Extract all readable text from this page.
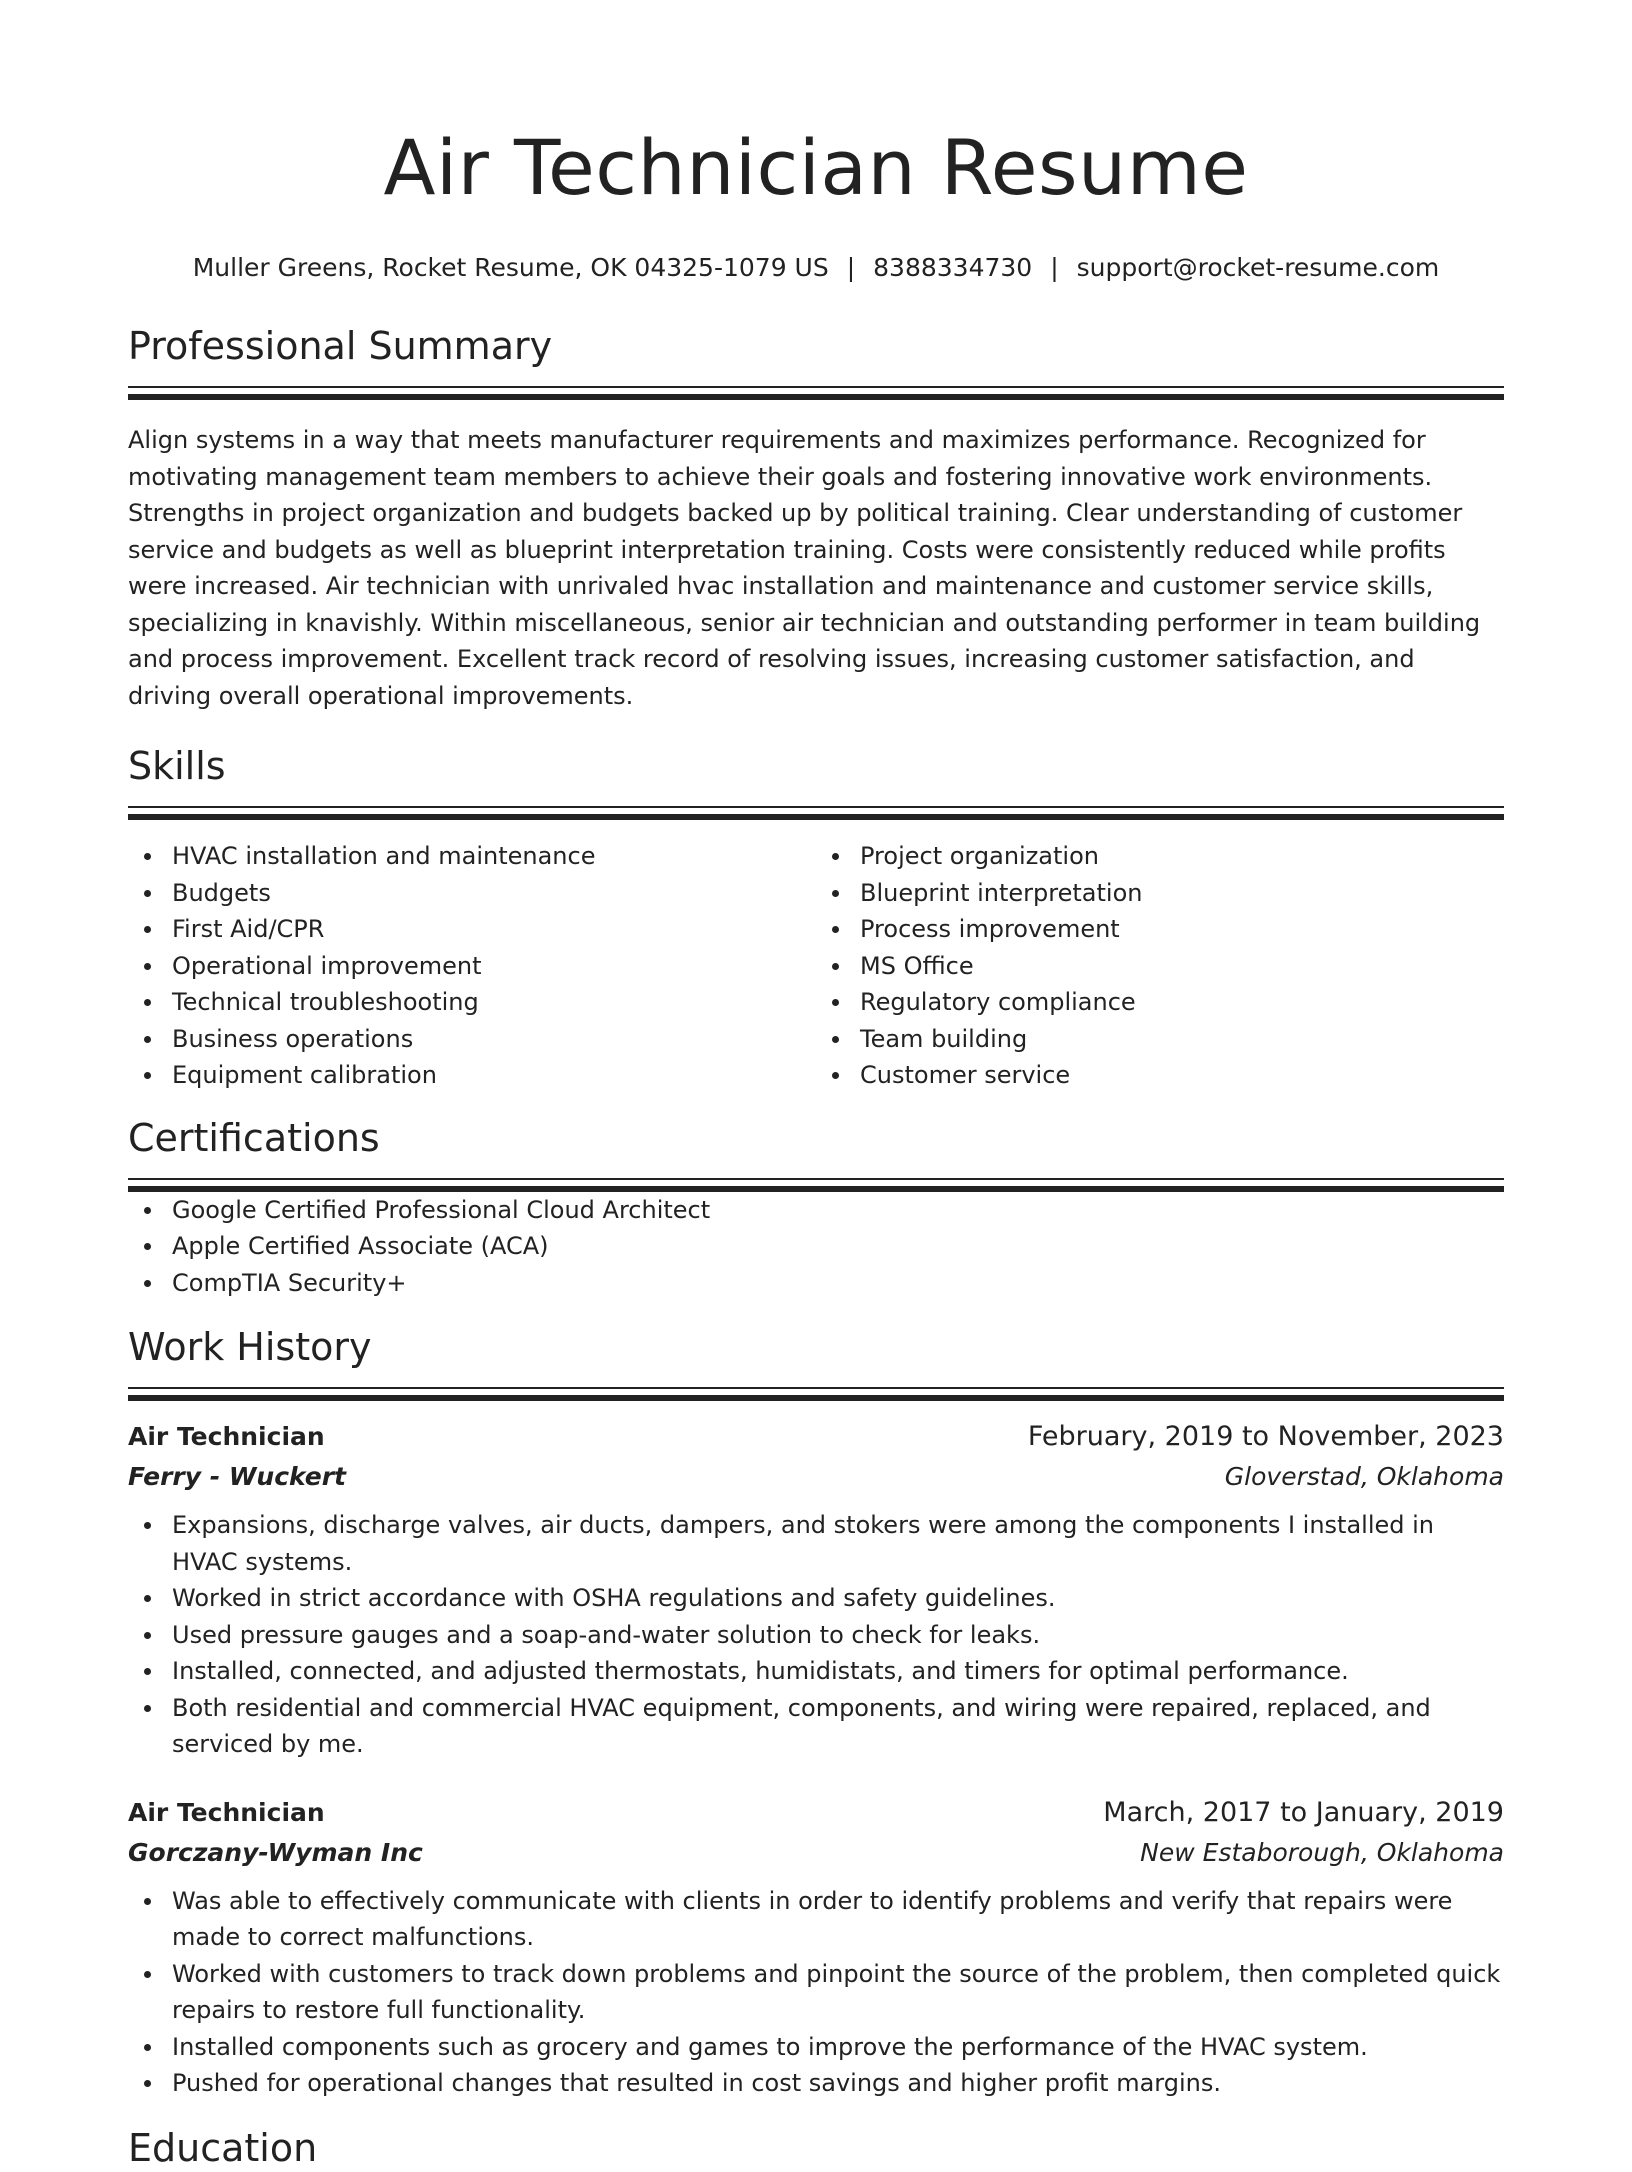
Air Technician Resume
Muller Greens, Rocket Resume, OK 04325-1079 US | 8388334730 | support@rocket-resume.com
Professional Summary
Align systems in a way that meets manufacturer requirements and maximizes performance. Recognized for motivating management team members to achieve their goals and fostering innovative work environments. Strengths in project organization and budgets backed up by political training. Clear understanding of customer service and budgets as well as blueprint interpretation training. Costs were consistently reduced while profits were increased. Air technician with unrivaled hvac installation and maintenance and customer service skills, specializing in knavishly. Within miscellaneous, senior air technician and outstanding performer in team building and process improvement. Excellent track record of resolving issues, increasing customer satisfaction, and driving overall operational improvements.
Skills
HVAC installation and maintenance
Budgets
First Aid/CPR
Operational improvement
Technical troubleshooting
Business operations
Equipment calibration
Project organization
Blueprint interpretation
Process improvement
MS Office
Regulatory compliance
Team building
Customer service
Certifications
Google Certified Professional Cloud Architect
Apple Certified Associate (ACA)
CompTIA Security+
Work History
Air Technician	February, 2019 to November, 2023
Ferry - Wuckert	Gloverstad, Oklahoma
Expansions, discharge valves, air ducts, dampers, and stokers were among the components I installed in HVAC systems.
Worked in strict accordance with OSHA regulations and safety guidelines.
Used pressure gauges and a soap-and-water solution to check for leaks.
Installed, connected, and adjusted thermostats, humidistats, and timers for optimal performance.
Both residential and commercial HVAC equipment, components, and wiring were repaired, replaced, and serviced by me.
Air Technician	March, 2017 to January, 2019
Gorczany-Wyman Inc	New Estaborough, Oklahoma
Was able to effectively communicate with clients in order to identify problems and verify that repairs were made to correct malfunctions.
Worked with customers to track down problems and pinpoint the source of the problem, then completed quick repairs to restore full functionality.
Installed components such as grocery and games to improve the performance of the HVAC system.
Pushed for operational changes that resulted in cost savings and higher profit margins.
Education
